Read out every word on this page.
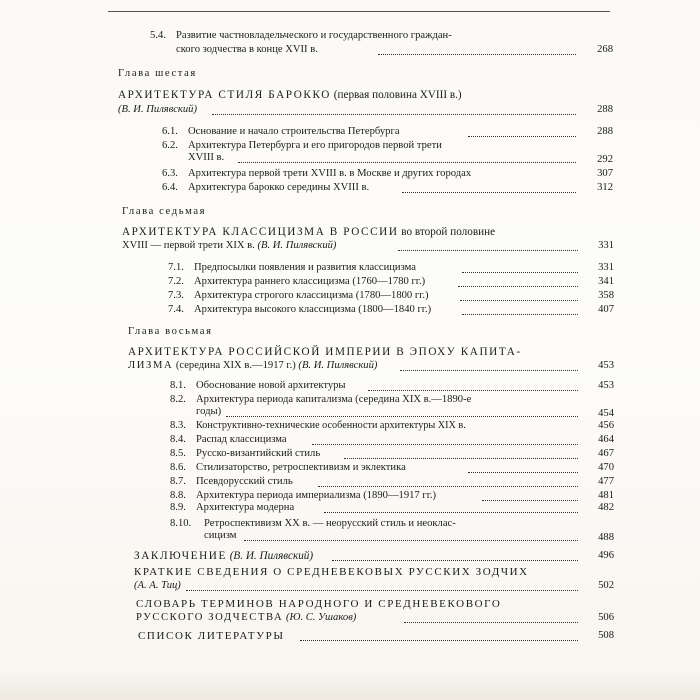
5.4. Развитие частновладельческого и государственного граждан-
ского зодчества в конце XVII в.	268
Глава шестая
АРХИТЕКТУРА СТИЛЯ БАРОККО (первая половина XVIII в.)
(В. И. Пилявский)	288
6.1. Основание и начало строительства Петербурга	288
6.2. Архитектура Петербурга и его пригородов первой трети
XVIII в.	292
6.3. Архитектура первой трети XVIII в. в Москве и других городах	307
6.4. Архитектура барокко середины XVIII в.	312
Глава седьмая
АРХИТЕКТУРА КЛАССИЦИЗМА В РОССИИ во второй половине
XVIII — первой трети XIX в. (В. И. Пилявский)	331
7.1. Предпосылки появления и развития классицизма	331
7.2. Архитектура раннего классицизма (1760—1780 гг.)	341
7.3. Архитектура строгого классицизма (1780—1800 гг.)	358
7.4. Архитектура высокого классицизма (1800—1840 гг.)	407
Глава восьмая
АРХИТЕКТУРА РОССИЙСКОЙ ИМПЕРИИ В ЭПОХУ КАПИТА-
ЛИЗМА (середина XIX в.—1917 г.) (В. И. Пилявский)	453
8.1. Обоснование новой архитектуры	453
8.2. Архитектура периода капитализма (середина XIX в.—1890-е
годы)	454
8.3. Конструктивно-технические особенности архитектуры XIX в.	456
8.4. Распад классицизма	464
8.5. Русско-византийский стиль	467
8.6. Стилизаторство, ретроспективизм и эклектика	470
8.7. Псевдорусский стиль	477
8.8. Архитектура периода империализма (1890—1917 гг.)	481
8.9. Архитектура модерна	482
8.10. Ретроспективизм XX в. — неорусский стиль и неоклас-
сицизм	488
ЗАКЛЮЧЕНИЕ (В. И. Пилявский)	496
КРАТКИЕ СВЕДЕНИЯ О СРЕДНЕВЕКОВЫХ РУССКИХ ЗОДЧИХ
(А. А. Тиц)	502
СЛОВАРЬ ТЕРМИНОВ НАРОДНОГО И СРЕДНЕВЕКОВОГО
РУССКОГО ЗОДЧЕСТВА (Ю. С. Ушаков)	506
СПИСОК ЛИТЕРАТУРЫ	508
